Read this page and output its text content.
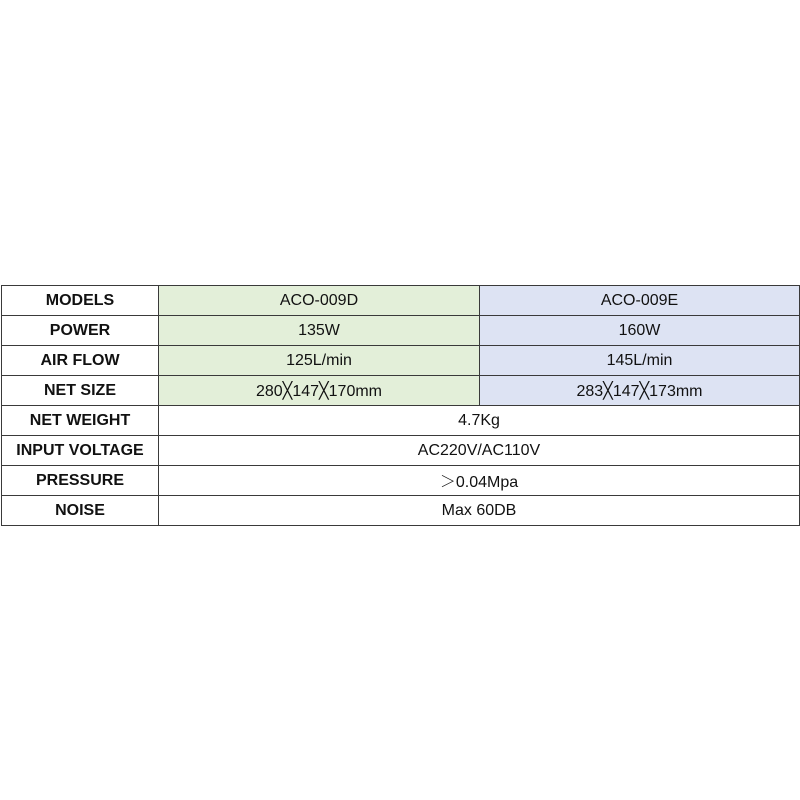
MODELS	ACO-009D	ACO-009E
POWER	135W	160W
AIR FLOW	125L/min	145L/min
NET SIZE	280╳147╳170mm	283╳147╳173mm
NET WEIGHT	4.7Kg	
INPUT VOLTAGE	AC220V/AC110V	
PRESSURE	＞0.04Mpa	
NOISE	Max 60DB	
